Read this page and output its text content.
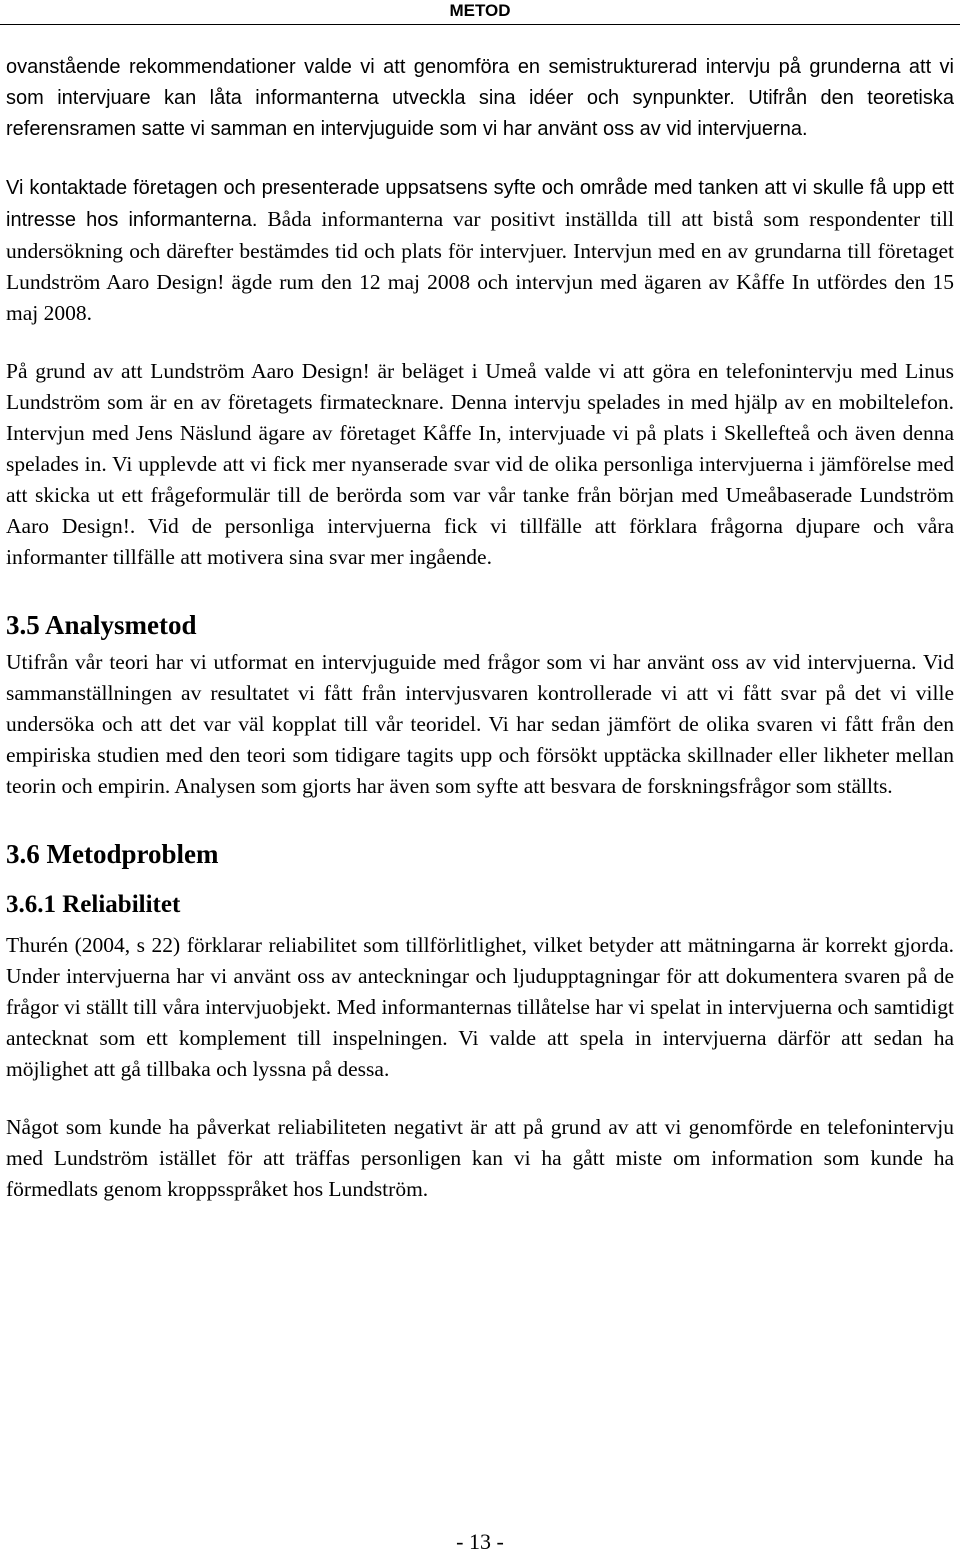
METOD

ovanstående rekommendationer valde vi att genomföra en semistrukturerad intervju på grunderna att vi som intervjuare kan låta informanterna utveckla sina idéer och synpunkter. Utifrån den teoretiska referensramen satte vi samman en intervjuguide som vi har använt oss av vid intervjuerna.

Vi kontaktade företagen och presenterade uppsatsens syfte och område med tanken att vi skulle få upp ett intresse hos informanterna. Båda informanterna var positivt inställda till att bistå som respondenter till undersökning och därefter bestämdes tid och plats för intervjuer. Intervjun med en av grundarna till företaget Lundström Aaro Design! ägde rum den 12 maj 2008 och intervjun med ägaren av Kåffe In utfördes den 15 maj 2008.

På grund av att Lundström Aaro Design! är beläget i Umeå valde vi att göra en telefonintervju med Linus Lundström som är en av företagets firmatecknare. Denna intervju spelades in med hjälp av en mobiltelefon. Intervjun med Jens Näslund ägare av företaget Kåffe In, intervjuade vi på plats i Skellefteå och även denna spelades in. Vi upplevde att vi fick mer nyanserade svar vid de olika personliga intervjuerna i jämförelse med att skicka ut ett frågeformulär till de berörda som var vår tanke från början med Umeåbaserade Lundström Aaro Design!. Vid de personliga intervjuerna fick vi tillfälle att förklara frågorna djupare och våra informanter tillfälle att motivera sina svar mer ingående.

3.5 Analysmetod

Utifrån vår teori har vi utformat en intervjuguide med frågor som vi har använt oss av vid intervjuerna. Vid sammanställningen av resultatet vi fått från intervjusvaren kontrollerade vi att vi fått svar på det vi ville undersöka och att det var väl kopplat till vår teoridel. Vi har sedan jämfört de olika svaren vi fått från den empiriska studien med den teori som tidigare tagits upp och försökt upptäcka skillnader eller likheter mellan teorin och empirin. Analysen som gjorts har även som syfte att besvara de forskningsfrågor som ställts.

3.6 Metodproblem
3.6.1 Reliabilitet

Thurén (2004, s 22) förklarar reliabilitet som tillförlitlighet, vilket betyder att mätningarna är korrekt gjorda. Under intervjuerna har vi använt oss av anteckningar och ljudupptagningar för att dokumentera svaren på de frågor vi ställt till våra intervjuobjekt. Med informanternas tillåtelse har vi spelat in intervjuerna och samtidigt antecknat som ett komplement till inspelningen. Vi valde att spela in intervjuerna därför att sedan ha möjlighet att gå tillbaka och lyssna på dessa.

Något som kunde ha påverkat reliabiliteten negativt är att på grund av att vi genomförde en telefonintervju med Lundström istället för att träffas personligen kan vi ha gått miste om information som kunde ha förmedlats genom kroppsspråket hos Lundström.

- 13 -
